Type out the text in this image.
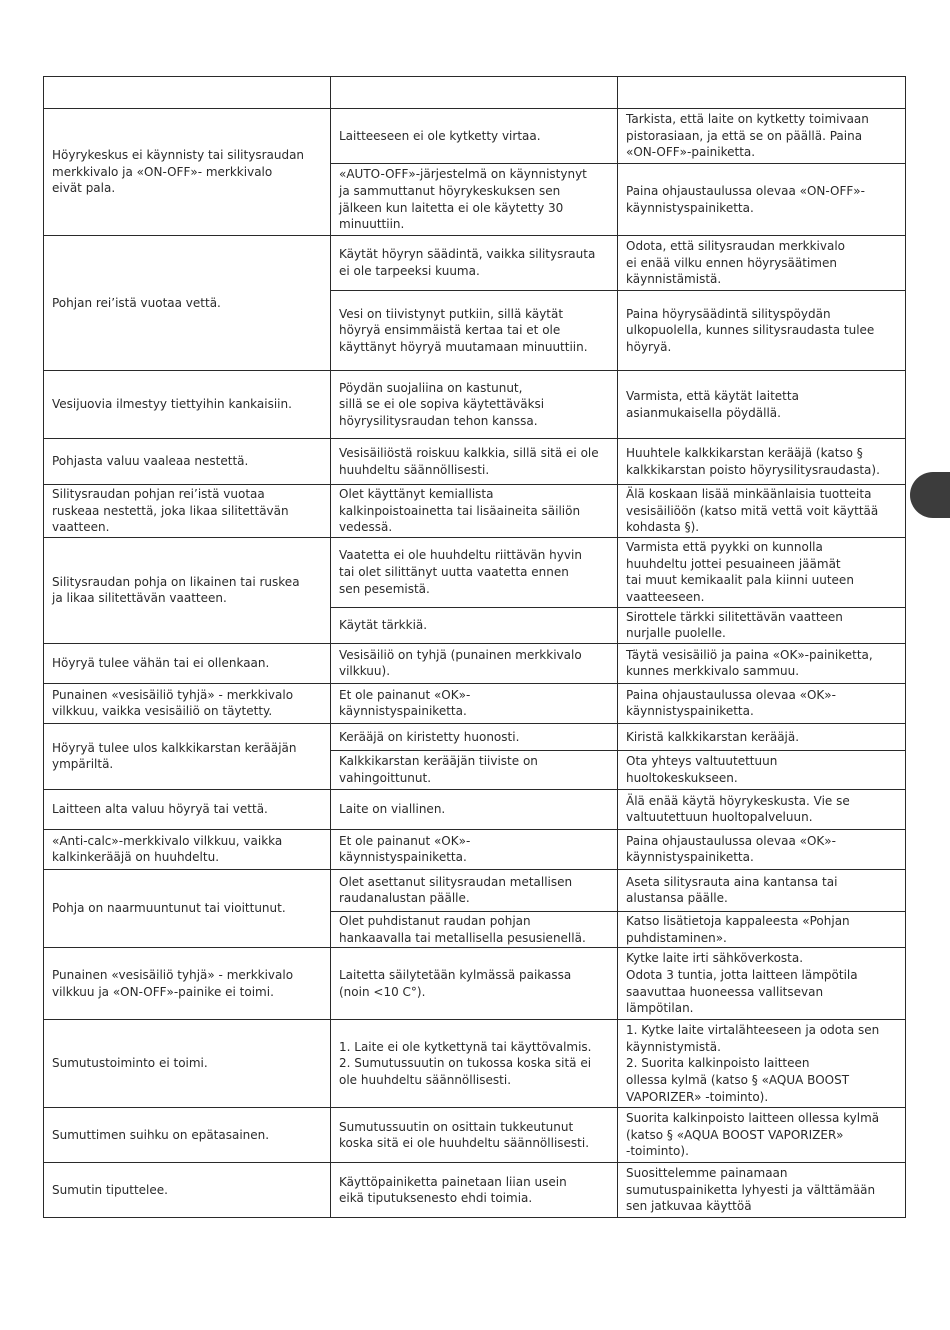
Höyrykeskus ei käynnisty tai silitysraudan
merkkivalo ja «ON-OFF»- merkkivalo
eivät pala.	Laitteeseen ei ole kytketty virtaa.	Tarkista, että laite on kytketty toimivaan
pistorasiaan, ja että se on päällä. Paina
«ON-OFF»-painiketta.
	«AUTO-OFF»-järjestelmä on käynnistynyt
ja sammuttanut höyrykeskuksen sen
jälkeen kun laitetta ei ole käytetty 30
minuuttiin.	Paina ohjaustaulussa olevaa «ON-OFF»-
käynnistyspainiketta.
Pohjan rei’istä vuotaa vettä.	Käytät höyryn säädintä, vaikka silitysrauta
ei ole tarpeeksi kuuma.	Odota, että silitysraudan merkkivalo
ei enää vilku ennen höyrysäätimen
käynnistämistä.
	Vesi on tiivistynyt putkiin, sillä käytät
höyryä ensimmäistä kertaa tai et ole
käyttänyt höyryä muutamaan minuuttiin.	Paina höyrysäädintä silityspöydän
ulkopuolella, kunnes silitysraudasta tulee
höyryä.
Vesijuovia ilmestyy tiettyihin kankaisiin.	Pöydän suojaliina on kastunut,
sillä se ei ole sopiva käytettäväksi
höyrysilitysraudan tehon kanssa.	Varmista, että käytät laitetta
asianmukaisella pöydällä.
Pohjasta valuu vaaleaa nestettä.	Vesisäiliöstä roiskuu kalkkia, sillä sitä ei ole
huuhdeltu säännöllisesti.	Huuhtele kalkkikarstan kerääjä (katso §
kalkkikarstan poisto höyrysilitysraudasta).
Silitysraudan pohjan rei’istä vuotaa
ruskeaa nestettä, joka likaa silitettävän
vaatteen.	Olet käyttänyt kemiallista
kalkinpoistoainetta tai lisäaineita säiliön
vedessä.	Älä koskaan lisää minkäänlaisia tuotteita
vesisäiliöön (katso mitä vettä voit käyttää
kohdasta §).
Silitysraudan pohja on likainen tai ruskea
ja likaa silitettävän vaatteen.	Vaatetta ei ole huuhdeltu riittävän hyvin
tai olet silittänyt uutta vaatetta ennen
sen pesemistä.	Varmista että pyykki on kunnolla
huuhdeltu jottei pesuaineen jäämät
tai muut kemikaalit pala kiinni uuteen
vaatteeseen.
	Käytät tärkkiä.	Sirottele tärkki silitettävän vaatteen
nurjalle puolelle.
Höyryä tulee vähän tai ei ollenkaan.	Vesisäiliö on tyhjä (punainen merkkivalo
vilkkuu).	Täytä vesisäiliö ja paina «OK»-painiketta,
kunnes merkkivalo sammuu.
Punainen «vesisäiliö tyhjä» - merkkivalo
vilkkuu, vaikka vesisäiliö on täytetty.	Et ole painanut «OK»-
käynnistyspainiketta.	Paina ohjaustaulussa olevaa «OK»-
käynnistyspainiketta.
Höyryä tulee ulos kalkkikarstan kerääjän
ympäriltä.	Kerääjä on kiristetty huonosti.	Kiristä kalkkikarstan kerääjä.
	Kalkkikarstan kerääjän tiiviste on
vahingoittunut.	Ota yhteys valtuutettuun
huoltokeskukseen.
Laitteen alta valuu höyryä tai vettä.	Laite on viallinen.	Älä enää käytä höyrykeskusta. Vie se
valtuutettuun huoltopalveluun.
«Anti-calc»-merkkivalo vilkkuu, vaikka
kalkinkerääjä on huuhdeltu.	Et ole painanut «OK»-
käynnistyspainiketta.	Paina ohjaustaulussa olevaa «OK»-
käynnistyspainiketta.
Pohja on naarmuuntunut tai vioittunut.	Olet asettanut silitysraudan metallisen
raudanalustan päälle.	Aseta silitysrauta aina kantansa tai
alustansa päälle.
	Olet puhdistanut raudan pohjan
hankaavalla tai metallisella pesusienellä.	Katso lisätietoja kappaleesta «Pohjan
puhdistaminen».
Punainen «vesisäiliö tyhjä» - merkkivalo
vilkkuu ja «ON-OFF»-painike ei toimi.	Laitetta säilytetään kylmässä paikassa
(noin <10 C°).	Kytke laite irti sähköverkosta.
Odota 3 tuntia, jotta laitteen lämpötila
saavuttaa huoneessa vallitsevan
lämpötilan.
Sumutustoiminto ei toimi.	1. Laite ei ole kytkettynä tai käyttövalmis.
2. Sumutussuutin on tukossa koska sitä ei
ole huuhdeltu säännöllisesti.	1. Kytke laite virtalähteeseen ja odota sen
käynnistymistä.
2. Suorita kalkinpoisto laitteen
ollessa kylmä (katso § «AQUA BOOST
VAPORIZER» -toiminto).
Sumuttimen suihku on epätasainen.	Sumutussuutin on osittain tukkeutunut
koska sitä ei ole huuhdeltu säännöllisesti.	Suorita kalkinpoisto laitteen ollessa kylmä
(katso § «AQUA BOOST VAPORIZER»
-toiminto).
Sumutin tiputtelee.	Käyttöpainiketta painetaan liian usein
eikä tiputuksenesto ehdi toimia.	Suosittelemme painamaan
sumutuspainiketta lyhyesti ja välttämään
sen jatkuvaa käyttöä
